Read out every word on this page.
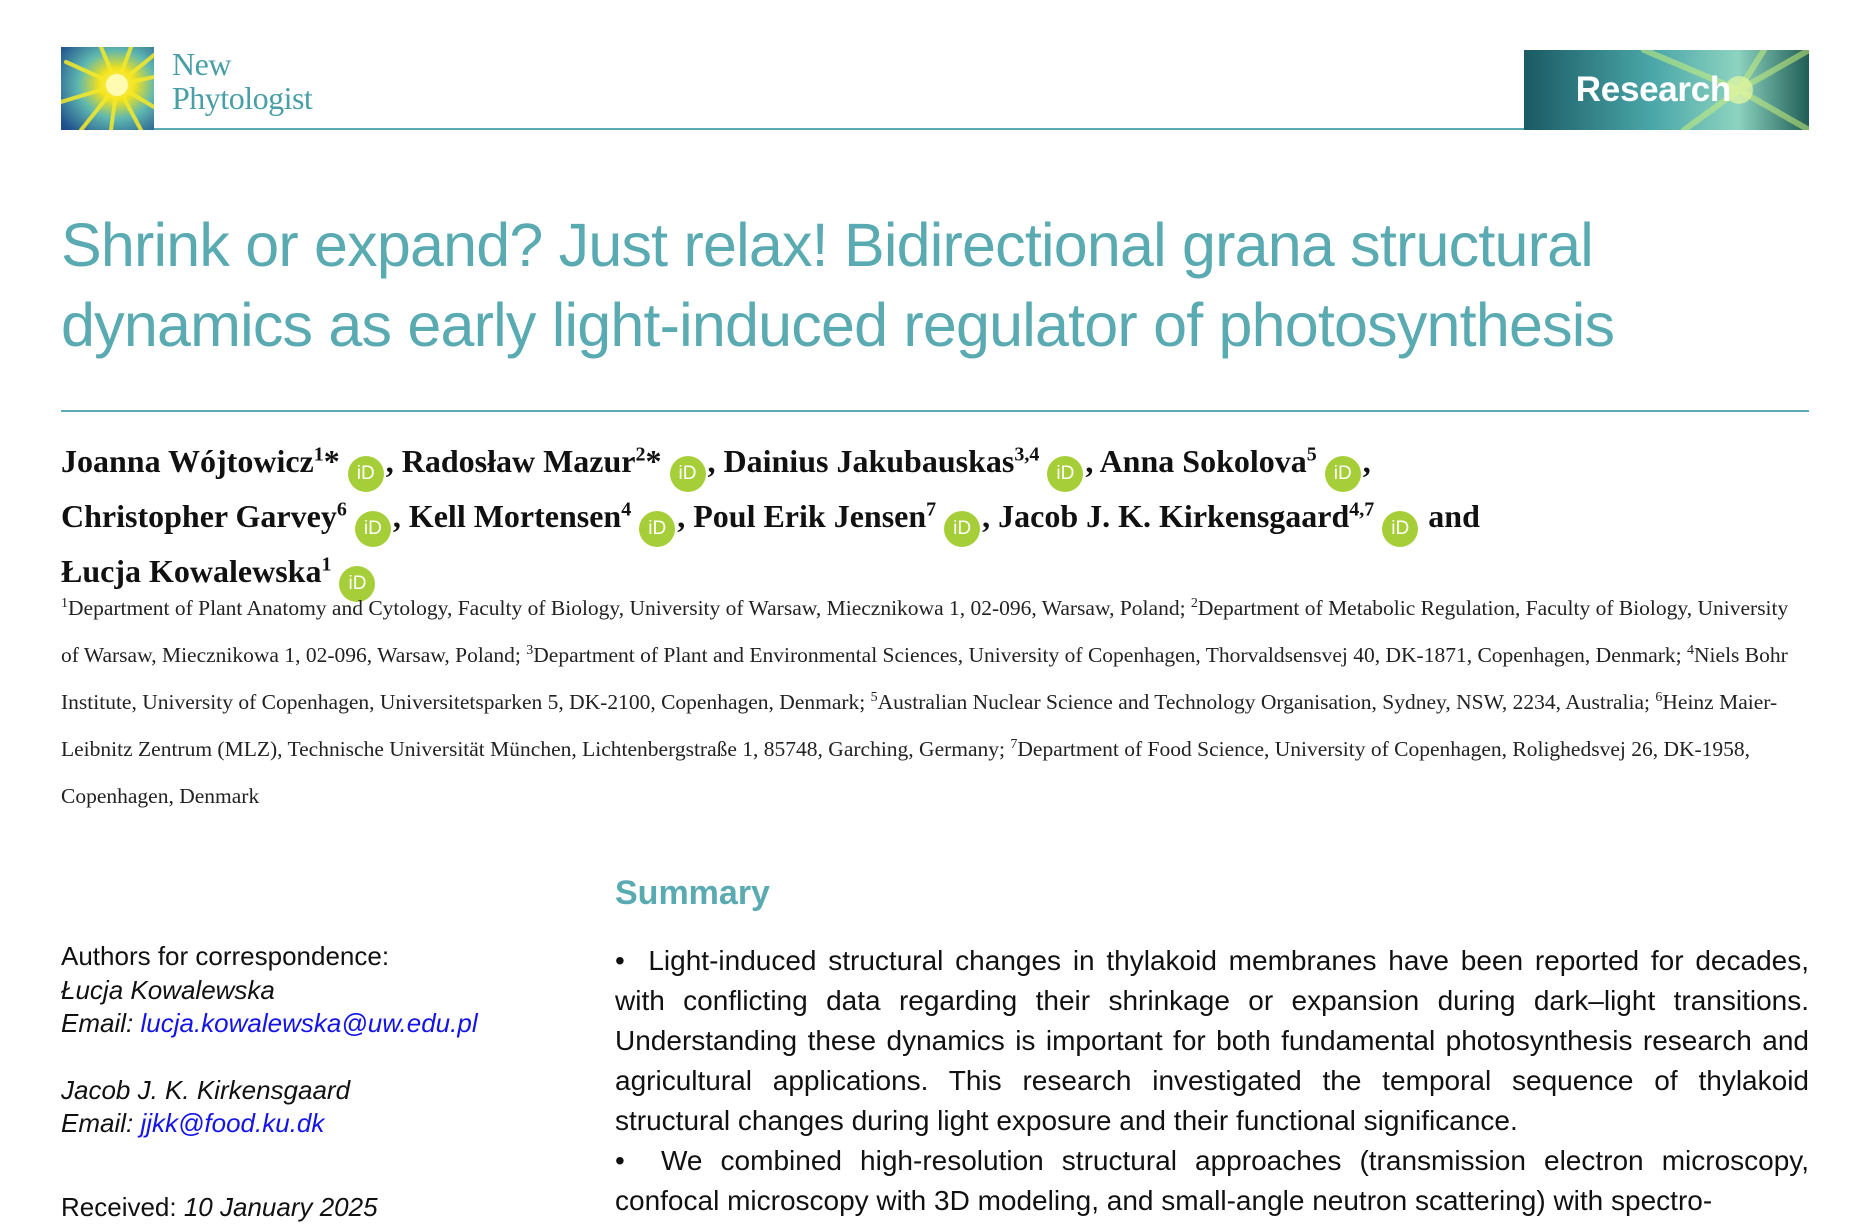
New
Phytologist	Research
Shrink or expand? Just relax! Bidirectional grana structural dynamics as early light-induced regulator of photosynthesis
Joanna Wójtowicz$^1$* iD , Radosław Mazur$^2$* iD , Dainius Jakubauskas$^{3,4}$iD , Anna Sokolova$^5$iD ,
Christopher Garvey$^6$iD , Kell Mortensen$^4$iD , Poul Erik Jensen$^7$iD , Jacob J. K. Kirkensgaard$^{4,7}$iD and
Łucja Kowalewska$^1$iD
$^1$Department of Plant Anatomy and Cytology, Faculty of Biology, University of Warsaw, Miecznikowa 1, 02-096, Warsaw, Poland; $^2$Department of Metabolic Regulation, Faculty of Biology, University of Warsaw, Miecznikowa 1, 02-096, Warsaw, Poland; $^3$Department of Plant and Environmental Sciences, University of Copenhagen, Thorvaldsensvej 40, DK-1871, Copenhagen, Denmark; $^4$Niels Bohr Institute, University of Copenhagen, Universitetsparken 5, DK-2100, Copenhagen, Denmark; $^5$Australian Nuclear Science and Technology Organisation, Sydney, NSW, 2234, Australia; $^6$Heinz Maier-Leibnitz Zentrum (MLZ), Technische Universität München, Lichtenbergstraße 1, 85748, Garching, Germany; $^7$Department of Food Science, University of Copenhagen, Rolighedsvej 26, DK-1958, Copenhagen, Denmark
Summary
Authors for correspondence:
Łucja Kowalewska
Email: lucja.kowalewska@uw.edu.pl
Jacob J. K. Kirkensgaard
Email: jjkk@food.ku.dk
Received: 10 January 2025

•  Light-induced structural changes in thylakoid membranes have been reported for decades, with conflicting data regarding their shrinkage or expansion during dark–light transitions. Understanding these dynamics is important for both fundamental photosynthesis research and agricultural applications. This research investigated the temporal sequence of thylakoid structural changes during light exposure and their functional significance.

•  We combined high-resolution structural approaches (transmission electron microscopy, confocal microscopy with 3D modeling, and small-angle neutron scattering) with spectro-
